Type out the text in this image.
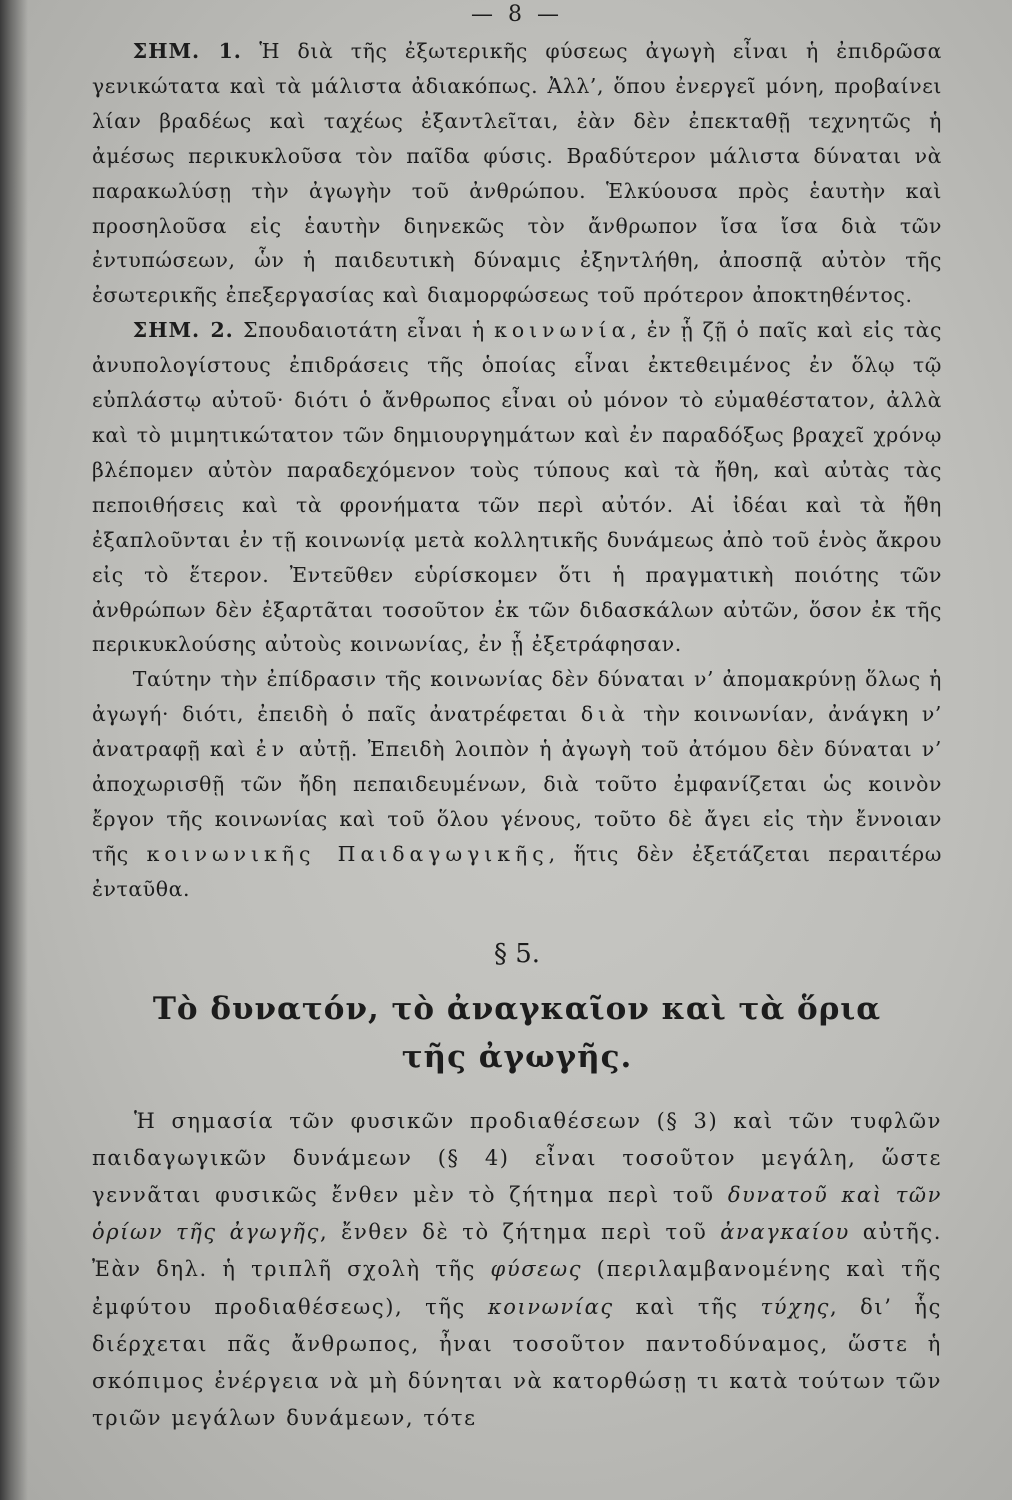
— 8 —

ΣΗΜ. 1. Ἡ διὰ τῆς ἐξωτερικῆς φύσεως ἀγωγὴ εἶναι ἡ ἐπιδρῶσα γενικώτατα καὶ τὰ μάλιστα ἀδιακόπως. Ἀλλ’, ὅπου ἐνεργεῖ μόνη, προβαίνει λίαν βραδέως καὶ ταχέως ἐξαντλεῖται, ἐὰν δὲν ἐπεκταθῇ τεχνητῶς ἡ ἀμέσως περικυκλοῦσα τὸν παῖδα φύσις. Βραδύτερον μάλιστα δύναται νὰ παρακωλύσῃ τὴν ἀγωγὴν τοῦ ἀνθρώπου. Ἑλκύουσα πρὸς ἑαυτὴν καὶ προσηλοῦσα εἰς ἑαυτὴν διηνεκῶς τὸν ἄνθρωπον ἴσα ἴσα διὰ τῶν ἐντυπώσεων, ὧν ἡ παιδευτικὴ δύναμις ἐξηντλήθη, ἀποσπᾷ αὐτὸν τῆς ἐσωτερικῆς ἐπεξεργασίας καὶ διαμορφώσεως τοῦ πρότερον ἀποκτηθέντος.

ΣΗΜ. 2. Σπουδαιοτάτη εἶναι ἡ κοινωνία, ἐν ᾗ ζῇ ὁ παῖς καὶ εἰς τὰς ἀνυπολογίστους ἐπιδράσεις τῆς ὁποίας εἶναι ἐκτεθειμένος ἐν ὅλῳ τῷ εὐπλάστῳ αὐτοῦ· διότι ὁ ἄνθρωπος εἶναι οὐ μόνον τὸ εὐμαθέστατον, ἀλλὰ καὶ τὸ μιμητικώτατον τῶν δημιουργημάτων καὶ ἐν παραδόξως βραχεῖ χρόνῳ βλέπομεν αὐτὸν παραδεχόμενον τοὺς τύπους καὶ τὰ ἤθη, καὶ αὐτὰς τὰς πεποιθήσεις καὶ τὰ φρονήματα τῶν περὶ αὐτόν. Αἱ ἰδέαι καὶ τὰ ἤθη ἐξαπλοῦνται ἐν τῇ κοινωνίᾳ μετὰ κολλητικῆς δυνάμεως ἀπὸ τοῦ ἑνὸς ἄκρου εἰς τὸ ἕτερον. Ἐντεῦθεν εὑρίσκομεν ὅτι ἡ πραγματικὴ ποιότης τῶν ἀνθρώπων δὲν ἐξαρτᾶται τοσοῦτον ἐκ τῶν διδασκάλων αὐτῶν, ὅσον ἐκ τῆς περικυκλούσης αὐτοὺς κοινωνίας, ἐν ᾗ ἐξετράφησαν.

Ταύτην τὴν ἐπίδρασιν τῆς κοινωνίας δὲν δύναται ν’ ἀπομακρύνῃ ὅλως ἡ ἀγωγή· διότι, ἐπειδὴ ὁ παῖς ἀνατρέφεται διὰ τὴν κοινωνίαν, ἀνάγκη ν’ ἀνατραφῇ καὶ ἐν αὐτῇ. Ἐπειδὴ λοιπὸν ἡ ἀγωγὴ τοῦ ἀτόμου δὲν δύναται ν’ ἀποχωρισθῇ τῶν ἤδη πεπαιδευμένων, διὰ τοῦτο ἐμφανίζεται ὡς κοινὸν ἔργον τῆς κοινωνίας καὶ τοῦ ὅλου γένους, τοῦτο δὲ ἄγει εἰς τὴν ἔννοιαν τῆς κοινωνικῆς Παιδαγωγικῆς, ἥτις δὲν ἐξετάζεται περαιτέρω ἐνταῦθα.

§ 5.
Τὸ δυνατόν, τὸ ἀναγκαῖον καὶ τὰ ὅρια
τῆς ἀγωγῆς.

Ἡ σημασία τῶν φυσικῶν προδιαθέσεων (§ 3) καὶ τῶν τυφλῶν παιδαγωγικῶν δυνάμεων (§ 4) εἶναι τοσοῦτον μεγάλη, ὥστε γεννᾶται φυσικῶς ἔνθεν μὲν τὸ ζήτημα περὶ τοῦ δυνατοῦ καὶ τῶν ὁρίων τῆς ἀγωγῆς, ἔνθεν δὲ τὸ ζήτημα περὶ τοῦ ἀναγκαίου αὐτῆς. Ἐὰν δηλ. ἡ τριπλῆ σχολὴ τῆς φύσεως (περιλαμβανομένης καὶ τῆς ἐμφύτου προδιαθέσεως), τῆς κοινωνίας καὶ τῆς τύχης, δι’ ἧς διέρχεται πᾶς ἄνθρωπος, ἦναι τοσοῦτον παντοδύναμος, ὥστε ἡ σκόπιμος ἐνέργεια νὰ μὴ δύνηται νὰ κατορθώσῃ τι κατὰ τούτων τῶν τριῶν μεγάλων δυνάμεων, τότε
